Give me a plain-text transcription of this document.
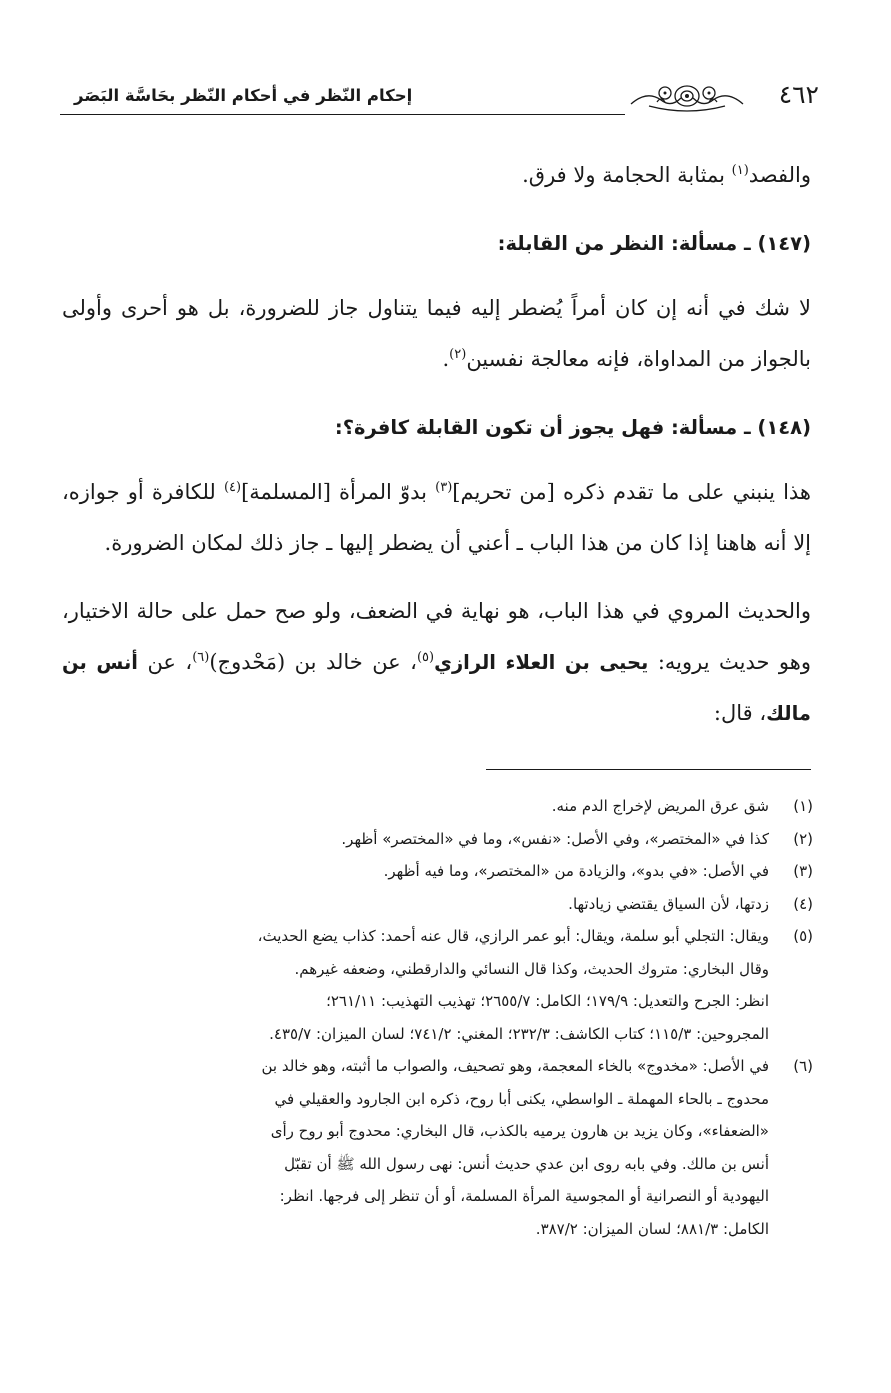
٤٦٢
إحكام النّظر في أحكام النّظر بحَاسَّة البَصَر

والفصد$^{(١)}$ بمثابة الحجامة ولا فرق.

(١٤٧) ـ مسألة: النظر من القابلة:

لا شك في أنه إن كان أمراً يُضطر إليه فيما يتناول جاز للضرورة، بل هو أحرى وأولى بالجواز من المداواة، فإنه معالجة نفسين$^{(٢)}$.

(١٤٨) ـ مسألة: فهل يجوز أن تكون القابلة كافرة؟:

هذا ينبني على ما تقدم ذكره [من تحريم]$^{(٣)}$ بدوّ المرأة [المسلمة]$^{(٤)}$ للكافرة أو جوازه، إلا أنه هاهنا إذا كان من هذا الباب ـ أعني أن يضطر إليها ـ جاز ذلك لمكان الضرورة.

والحديث المروي في هذا الباب، هو نهاية في الضعف، ولو صح حمل على حالة الاختيار، وهو حديث يرويه: يحيى بن العلاء الرازي$^{(٥)}$، عن خالد بن (مَحْدوج)$^{(٦)}$، عن أنس بن مالك، قال:

(١)
شق عرق المريض لإخراج الدم منه.
(٢)
كذا في «المختصر»، وفي الأصل: «نفس»، وما في «المختصر» أظهر.
(٣)
في الأصل: «في بدو»، والزيادة من «المختصر»، وما فيه أظهر.
(٤)
زدتها، لأن السياق يقتضي زيادتها.
(٥)
ويقال: التجلي أبو سلمة، ويقال: أبو عمر الرازي، قال عنه أحمد: كذاب يضع الحديث،
وقال البخاري: متروك الحديث، وكذا قال النسائي والدارقطني، وضعفه غيرهم.
انظر: الجرح والتعديل: ١٧٩/٩؛ الكامل: ٢٦٥٥/٧؛ تهذيب التهذيب: ٢٦١/١١؛
المجروحين: ١١٥/٣؛ كتاب الكاشف: ٢٣٢/٣؛ المغني: ٧٤١/٢؛ لسان الميزان: ٤٣٥/٧.
(٦)
في الأصل: «مخدوج» بالخاء المعجمة، وهو تصحيف، والصواب ما أثبته، وهو خالد بن
محدوج ـ بالحاء المهملة ـ الواسطي، يكنى أبا روح، ذكره ابن الجارود والعقيلي في
«الضعفاء»، وكان يزيد بن هارون يرميه بالكذب، قال البخاري: محدوج أبو روح رأى
أنس بن مالك. وفي بابه روى ابن عدي حديث أنس: نهى رسول الله ﷺ أن تقبّل
اليهودية أو النصرانية أو المجوسية المرأة المسلمة، أو أن تنظر إلى فرجها. انظر:
الكامل: ٨٨١/٣؛ لسان الميزان: ٣٨٧/٢.
